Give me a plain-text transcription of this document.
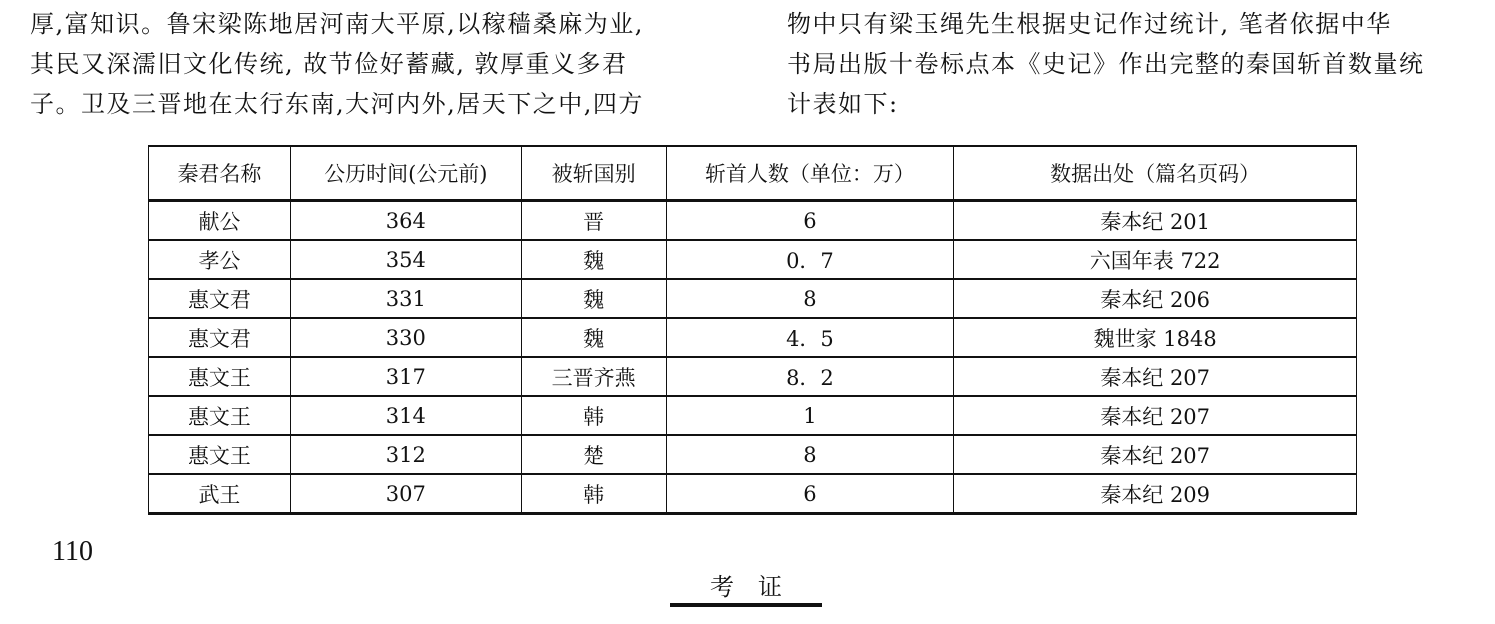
厚,富知识。鲁宋梁陈地居河南大平原,以稼穑桑麻为业,
其民又深濡旧文化传统, 故节俭好蓄藏, 敦厚重义多君
子。卫及三晋地在太行东南,大河内外,居天下之中,四方
物中只有梁玉绳先生根据史记作过统计, 笔者依据中华
书局出版十卷标点本《史记》作出完整的秦国斩首数量统
计表如下:
秦君名称	公历时间(公元前)	被斩国别	斩首人数（单位：万）	数据出处（篇名页码）
献公	364	晋	6	秦本纪 201
孝公	354	魏	0．7	六国年表 722
惠文君	331	魏	8	秦本纪 206
惠文君	330	魏	4．5	魏世家 1848
惠文王	317	三晋齐燕	8．2	秦本纪 207
惠文王	314	韩	1	秦本纪 207
惠文王	312	楚	8	秦本纪 207
武王	307	韩	6	秦本纪 209
110
考证
